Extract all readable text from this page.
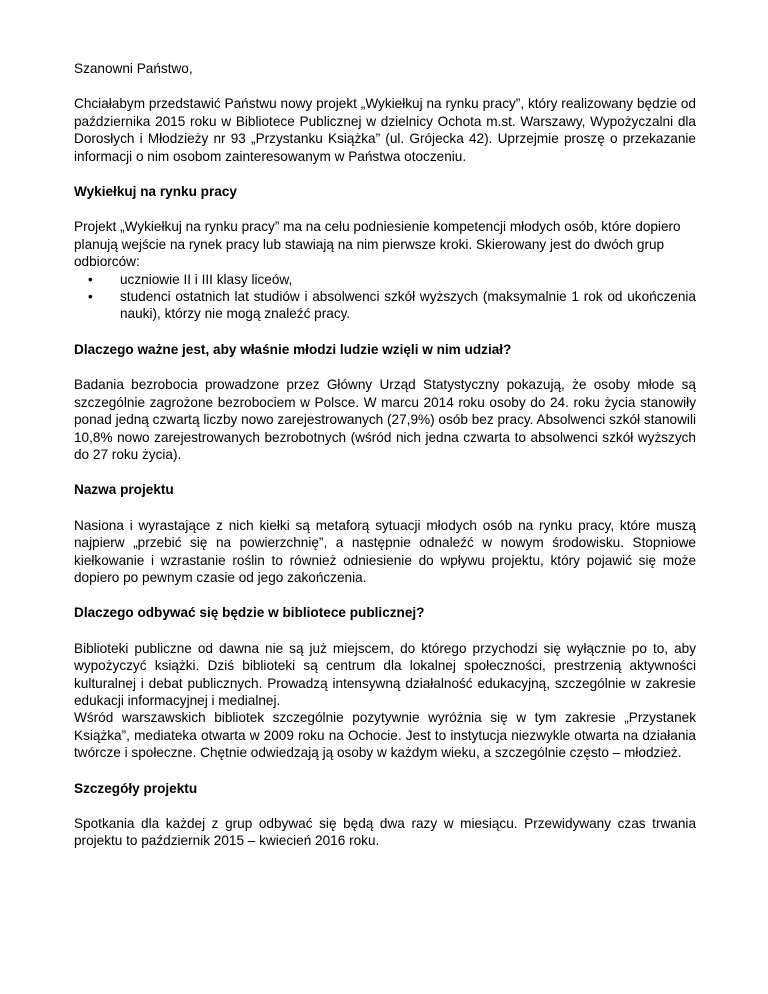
Szanowni Państwo,

Chciałabym przedstawić Państwu nowy projekt „Wykiełkuj na rynku pracy”, który realizowany będzie od października 2015 roku w Bibliotece Publicznej w dzielnicy Ochota m.st. Warszawy, Wypożyczalni dla Dorosłych i Młodzieży nr 93 „Przystanku Książka” (ul. Grójecka 42). Uprzejmie proszę o przekazanie informacji o nim osobom zainteresowanym w Państwa otoczeniu.

Wykiełkuj na rynku pracy

Projekt „Wykiełkuj na rynku pracy” ma na celu podniesienie kompetencji młodych osób, które dopiero planują wejście na rynek pracy lub stawiają na nim pierwsze kroki. Skierowany jest do dwóch grup odbiorców:

• uczniowie II i III klasy liceów,
• studenci ostatnich lat studiów i absolwenci szkół wyższych (maksymalnie 1 rok od ukończenia nauki), którzy nie mogą znaleźć pracy.
Dlaczego ważne jest, aby właśnie młodzi ludzie wzięli w nim udział?

Badania bezrobocia prowadzone przez Główny Urząd Statystyczny pokazują, że osoby młode są szczególnie zagrożone bezrobociem w Polsce. W marcu 2014 roku osoby do 24. roku życia stanowiły ponad jedną czwartą liczby nowo zarejestrowanych (27,9%) osób bez pracy. Absolwenci szkół stanowili 10,8% nowo zarejestrowanych bezrobotnych (wśród nich jedna czwarta to absolwenci szkół wyższych do 27 roku życia).

Nazwa projektu

Nasiona i wyrastające z nich kiełki są metaforą sytuacji młodych osób na rynku pracy, które muszą najpierw „przebić się na powierzchnię”, a następnie odnaleźć w nowym środowisku. Stopniowe kiełkowanie i wzrastanie roślin to również odniesienie do wpływu projektu, który pojawić się może dopiero po pewnym czasie od jego zakończenia.

Dlaczego odbywać się będzie w bibliotece publicznej?

Biblioteki publiczne od dawna nie są już miejscem, do którego przychodzi się wyłącznie po to, aby wypożyczyć książki. Dziś biblioteki są centrum dla lokalnej społeczności, prestrzenią aktywności kulturalnej i debat publicznych. Prowadzą intensywną działalność edukacyjną, szczególnie w zakresie edukacji informacyjnej i medialnej.

Wśród warszawskich bibliotek szczególnie pozytywnie wyróżnia się w tym zakresie „Przystanek Książka”, mediateka otwarta w 2009 roku na Ochocie. Jest to instytucja niezwykle otwarta na działania twórcze i społeczne. Chętnie odwiedzają ją osoby w każdym wieku, a szczególnie często – młodzież.

Szczegóły projektu

Spotkania dla każdej z grup odbywać się będą dwa razy w miesiącu. Przewidywany czas trwania projektu to październik 2015 – kwiecień 2016 roku.
